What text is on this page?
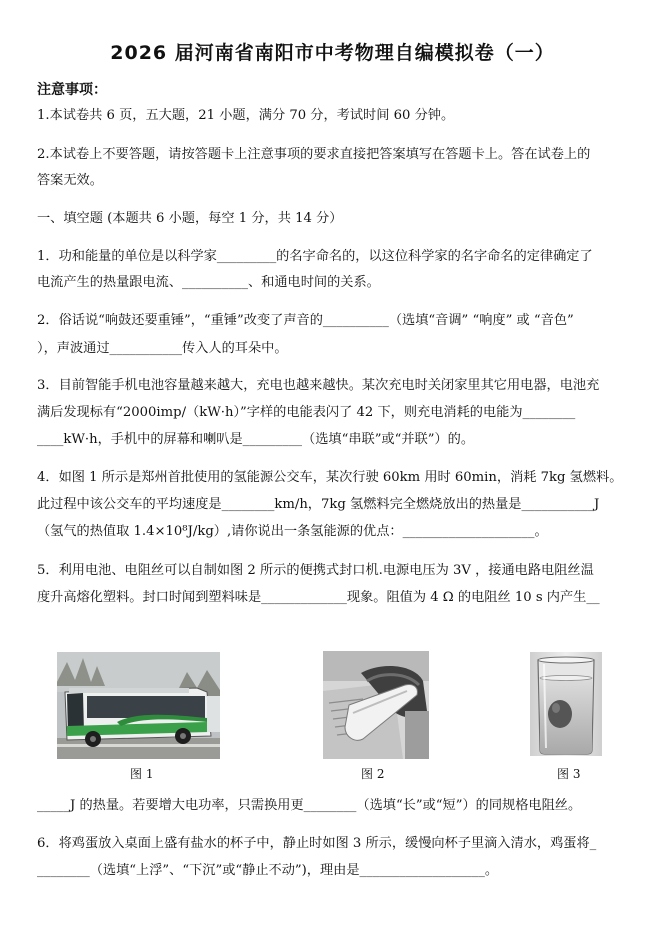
2026 届河南省南阳市中考物理自编模拟卷（一）
注意事项：
1.本试卷共 6 页，五大题，21 小题，满分 70 分，考试时间 60 分钟。
2.本试卷上不要答题，请按答题卡上注意事项的要求直接把答案填写在答题卡上。答在试卷上的
答案无效。
一、填空题 (本题共 6 小题，每空 1 分，共 14 分）
1．功和能量的单位是以科学家_________的名字命名的，以这位科学家的名字命名的定律确定了
电流产生的热量跟电流、__________、和通电时间的关系。
2．俗话说“响鼓还要重锤”，“重锤”改变了声音的__________（选填“音调” “响度” 或 “音色”
），声波通过___________传入人的耳朵中。
3．目前智能手机电池容量越来越大，充电也越来越快。某次充电时关闭家里其它用电器，电池充
满后发现标有“2000imp/（kW·h）”字样的电能表闪了 42 下，则充电消耗的电能为________
____kW·h，手机中的屏幕和喇叭是_________（选填“串联”或“并联”）的。
4．如图 1 所示是郑州首批使用的氢能源公交车，某次行驶 60km 用时 60min，消耗 7kg 氢燃料。
此过程中该公交车的平均速度是________km/h，7kg 氢燃料完全燃烧放出的热量是___________J
（氢气的热值取 1.4×10⁸J/kg）,请你说出一条氢能源的优点：____________________。
5．利用电池、电阻丝可以自制如图 2 所示的便携式封口机.电源电压为 3V ，接通电路电阻丝温
度升高熔化塑料。封口时闻到塑料味是_____________现象。阻值为 4 Ω 的电阻丝 10 s 内产生__
图 1	图 2	图 3
_____J 的热量。若要增大电功率，只需换用更________（选填“长”或“短”）的同规格电阻丝。
6．将鸡蛋放入桌面上盛有盐水的杯子中，静止时如图 3 所示，缓慢向杯子里滴入清水，鸡蛋将_
________（选填“上浮”、“下沉”或“静止不动”)，理由是___________________。
